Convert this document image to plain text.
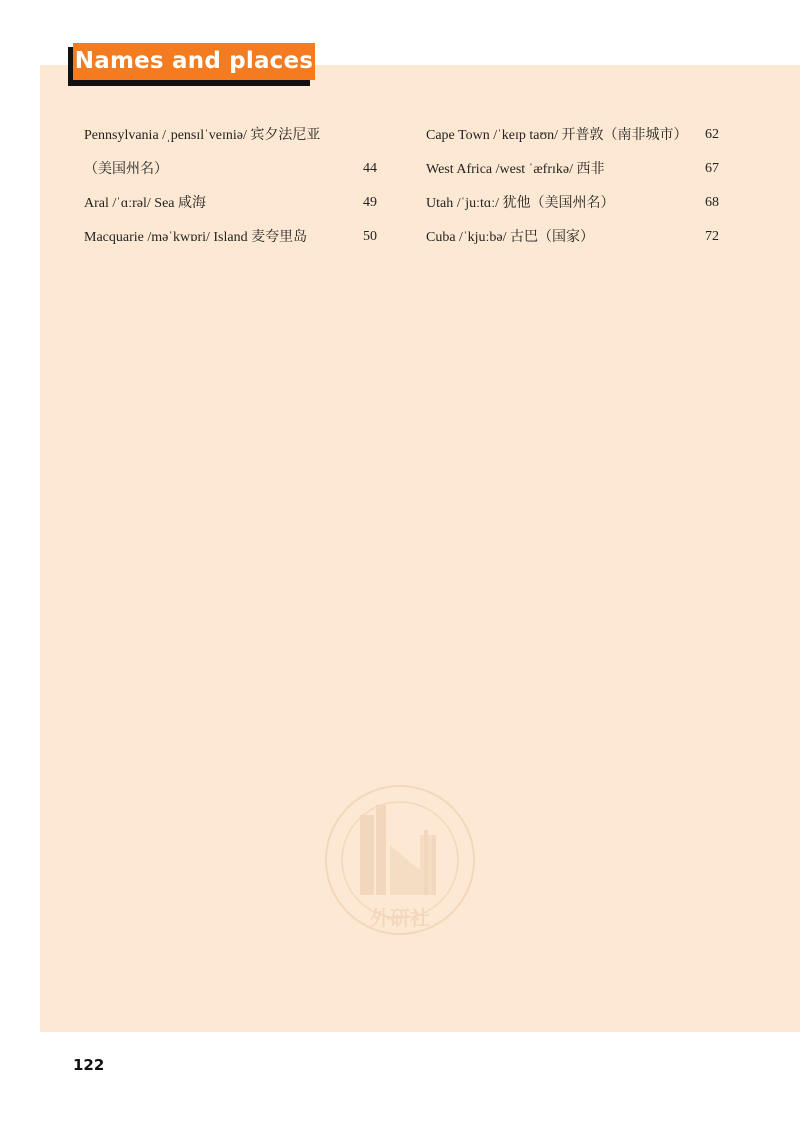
Names and places
Pennsylvania /ˌpensɪlˈveɪniə/ 宾夕法尼亚
（美国州名）	44
Aral /ˈɑːrəl/ Sea 咸海	49
Macquarie /məˈkwɒri/ Island 麦夸里岛	50
Cape Town /ˈkeɪp taʊn/ 开普敦（南非城市）	62
West Africa /west ˈæfrɪkə/ 西非	67
Utah /ˈjuːtɑː/ 犹他（美国州名）	68
Cuba /ˈkjuːbə/ 古巴（国家）	72
外研社
122
